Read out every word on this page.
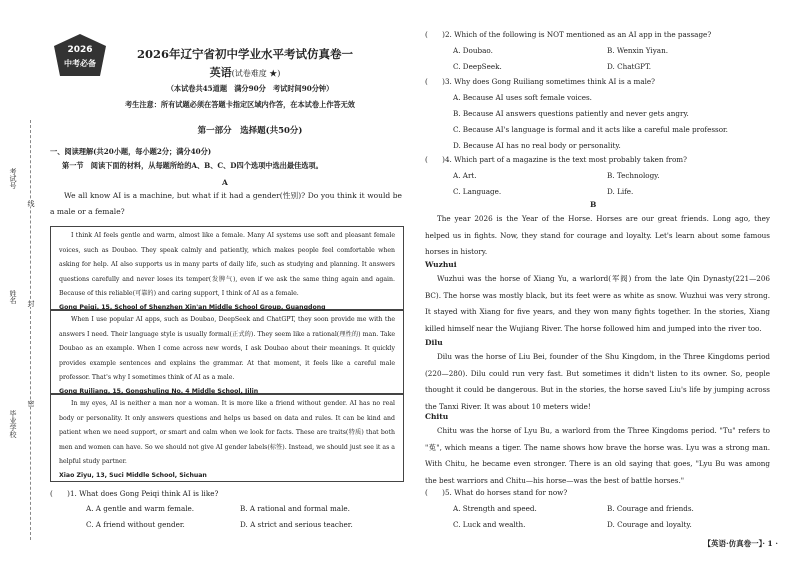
考试号
姓名
毕业学校
线
封
密
2026
中考必备
2026年辽宁省初中学业水平考试仿真卷一
英语(试卷难度 ★)
（本试卷共45道题　满分90分　考试时间90分钟）
考生注意：所有试题必须在答题卡指定区域内作答，在本试卷上作答无效
第一部分　选择题(共50分)
一、阅读理解(共20小题，每小题2分；满分40分)
第一节　阅读下面的材料，从每题所给的A、B、C、D四个选项中选出最佳选项。
A
We all know AI is a machine, but what if it had a gender(性别)? Do you think it would be a male or a female?
I think AI feels gentle and warm, almost like a female. Many AI systems use soft and pleasant female voices, such as Doubao. They speak calmly and patiently, which makes people feel comfortable when asking for help. AI also supports us in many parts of daily life, such as studying and planning. It answers questions carefully and never loses its temper(发脾气), even if we ask the same thing again and again. Because of this reliable(可靠的) and caring support, I think of AI as a female.
Gong Peiqi, 15, School of Shenzhen Xin'an Middle School Group, Guangdong
When I use popular AI apps, such as Doubao, DeepSeek and ChatGPT, they soon provide me with the answers I need. Their language style is usually formal(正式的). They seem like a rational(理性的) man. Take Doubao as an example. When I come across new words, I ask Doubao about their meanings. It quickly provides example sentences and explains the grammar. At that moment, it feels like a careful male professor. That's why I sometimes think of AI as a male.
Gong Ruiliang, 15, Gongshuling No. 4 Middle School, Jilin
In my eyes, AI is neither a man nor a woman. It is more like a friend without gender. AI has no real body or personality. It only answers questions and helps us based on data and rules. It can be kind and patient when we need support, or smart and calm when we look for facts. These are traits(特质) that both men and women can have. So we should not give AI gender labels(标签). Instead, we should just see it as a helpful study partner.
Xiao Ziyu, 13, Suci Middle School, Sichuan
(　　)1. What does Gong Peiqi think AI is like?
A. A gentle and warm female.	B. A rational and formal male.
C. A friend without gender.	D. A strict and serious teacher.
(　　)2. Which of the following is NOT mentioned as an AI app in the passage?
A. Doubao.	B. Wenxin Yiyan.
C. DeepSeek.	D. ChatGPT.
(　　)3. Why does Gong Ruiliang sometimes think AI is a male?
A. Because AI uses soft female voices.
B. Because AI answers questions patiently and never gets angry.
C. Because AI's language is formal and it acts like a careful male professor.
D. Because AI has no real body or personality.
(　　)4. Which part of a magazine is the text most probably taken from?
A. Art.	B. Technology.
C. Language.	D. Life.
B
The year 2026 is the Year of the Horse. Horses are our great friends. Long ago, they helped us in fights. Now, they stand for courage and loyalty. Let's learn about some famous horses in history.
Wuzhui
Wuzhui was the horse of Xiang Yu, a warlord(军阀) from the late Qin Dynasty(221—206 BC). The horse was mostly black, but its feet were as white as snow. Wuzhui was very strong. It stayed with Xiang for five years, and they won many fights together. In the stories, Xiang killed himself near the Wujiang River. The horse followed him and jumped into the river too.
Dilu
Dilu was the horse of Liu Bei, founder of the Shu Kingdom, in the Three Kingdoms period (220—280). Dilu could run very fast. But sometimes it didn't listen to its owner. So, people thought it could be dangerous. But in the stories, the horse saved Liu's life by jumping across the Tanxi River. It was about 10 meters wide!
Chitu
Chitu was the horse of Lyu Bu, a warlord from the Three Kingdoms period. "Tu" refers to "菟", which means a tiger. The name shows how brave the horse was. Lyu was a strong man. With Chitu, he became even stronger. There is an old saying that goes, "Lyu Bu was among the best warriors and Chitu—his horse—was the best of battle horses."
(　　)5. What do horses stand for now?
A. Strength and speed.	B. Courage and friends.
C. Luck and wealth.	D. Courage and loyalty.
【英语·仿真卷一】· 1 ·
